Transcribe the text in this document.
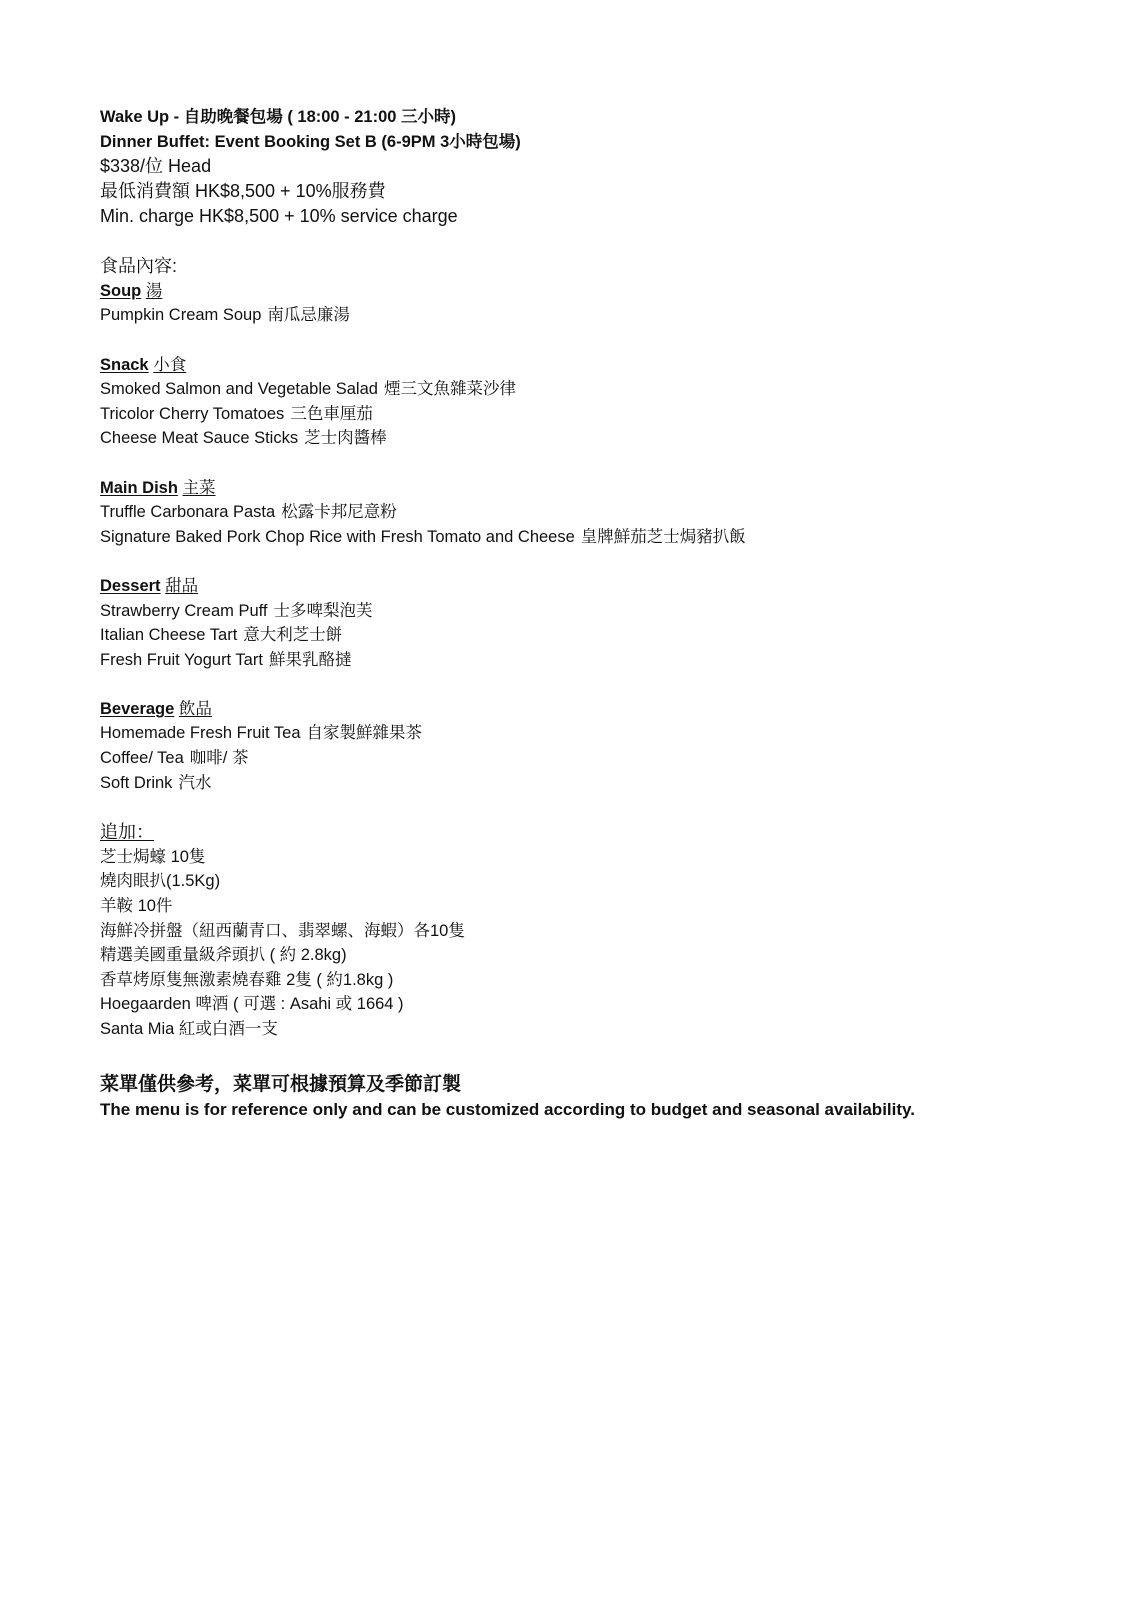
Wake Up - 自助晚餐包場 ( 18:00 - 21:00 三小時)
Dinner Buffet: Event Booking Set B (6-9PM 3小時包場)
$338/位 Head
最低消費額 HK$8,500 + 10%服務費
Min. charge HK$8,500 + 10% service charge
食品內容:
Soup 湯
Pumpkin Cream Soup 南瓜忌廉湯
Snack 小食
Smoked Salmon and Vegetable Salad 煙三文魚雜菜沙律
Tricolor Cherry Tomatoes 三色車厘茄
Cheese Meat Sauce Sticks 芝士肉醬棒
Main Dish 主菜
Truffle Carbonara Pasta 松露卡邦尼意粉
Signature Baked Pork Chop Rice with Fresh Tomato and Cheese 皇牌鮮茄芝士焗豬扒飯
Dessert 甜品
Strawberry Cream Puff 士多啤梨泡芙
Italian Cheese Tart 意大利芝士餅
Fresh Fruit Yogurt Tart 鮮果乳酪撻
Beverage 飲品
Homemade Fresh Fruit Tea 自家製鮮雜果茶
Coffee/ Tea 咖啡/ 茶
Soft Drink 汽水
追加：
芝士焗蠔 10隻
燒肉眼扒(1.5Kg)
羊鞍 10件
海鮮冷拼盤（紐西蘭青口、翡翠螺、海蝦）各10隻
精選美國重量級斧頭扒 ( 約 2.8kg)
香草烤原隻無激素燒春雞 2隻 ( 約1.8kg )
Hoegaarden 啤酒 ( 可選 : Asahi 或 1664 )
Santa Mia 紅或白酒一支
菜單僅供參考，菜單可根據預算及季節訂製
The menu is for reference only and can be customized according to budget and seasonal availability.
